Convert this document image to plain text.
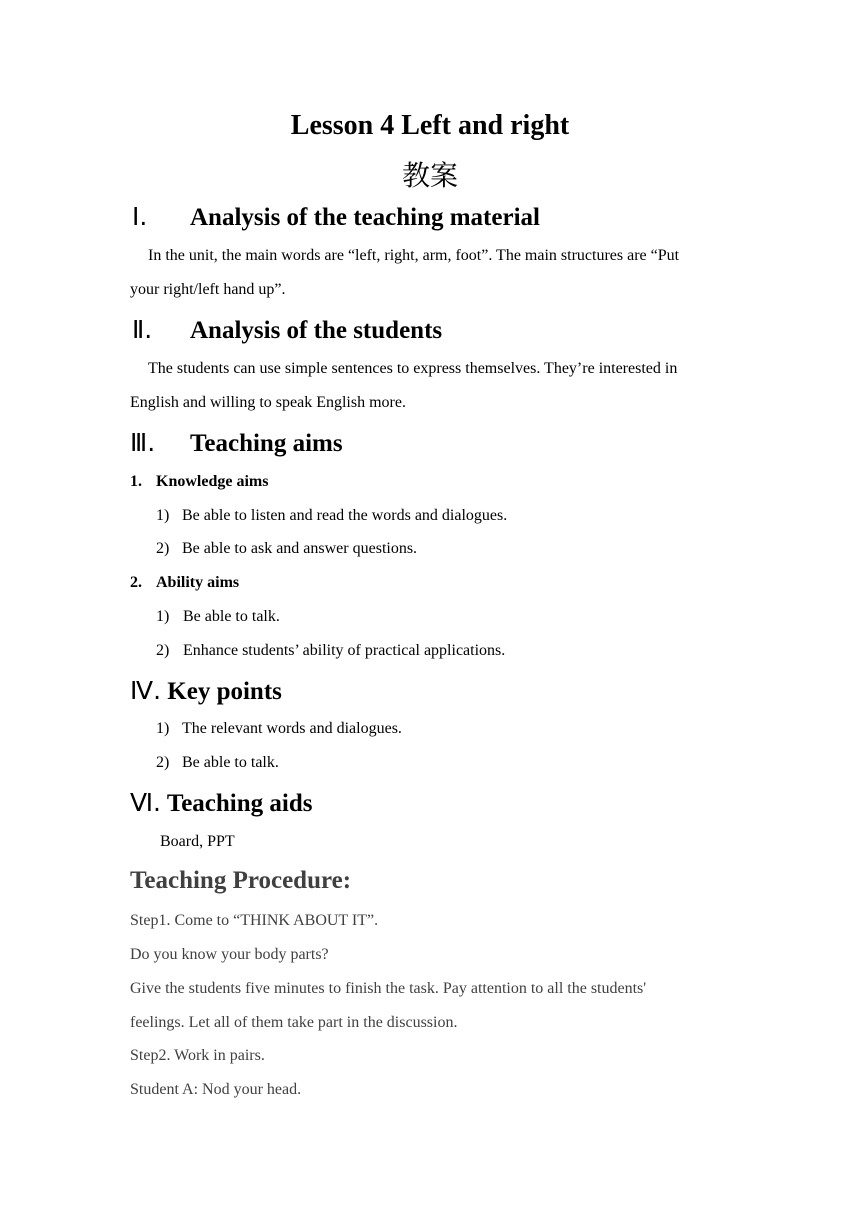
Lesson 4 Left and right
教案
Ⅰ. Analysis of the teaching material
In the unit, the main words are “left, right, arm, foot”. The main structures are “Put
your right/left hand up”.
Ⅱ. Analysis of the students
The students can use simple sentences to express themselves. They’re interested in
English and willing to speak English more.
Ⅲ. Teaching aims
1. Knowledge aims
1) Be able to listen and read the words and dialogues.
2) Be able to ask and answer questions.
2. Ability aims
1) Be able to talk.
2) Enhance students’ ability of practical applications.
Ⅳ. Key points
1) The relevant words and dialogues.
2) Be able to talk.
Ⅵ. Teaching aids
Board, PPT
Teaching Procedure:
Step1. Come to “THINK ABOUT IT”.
Do you know your body parts?
Give the students five minutes to finish the task. Pay attention to all the students'
feelings. Let all of them take part in the discussion.
Step2. Work in pairs.
Student A: Nod your head.
